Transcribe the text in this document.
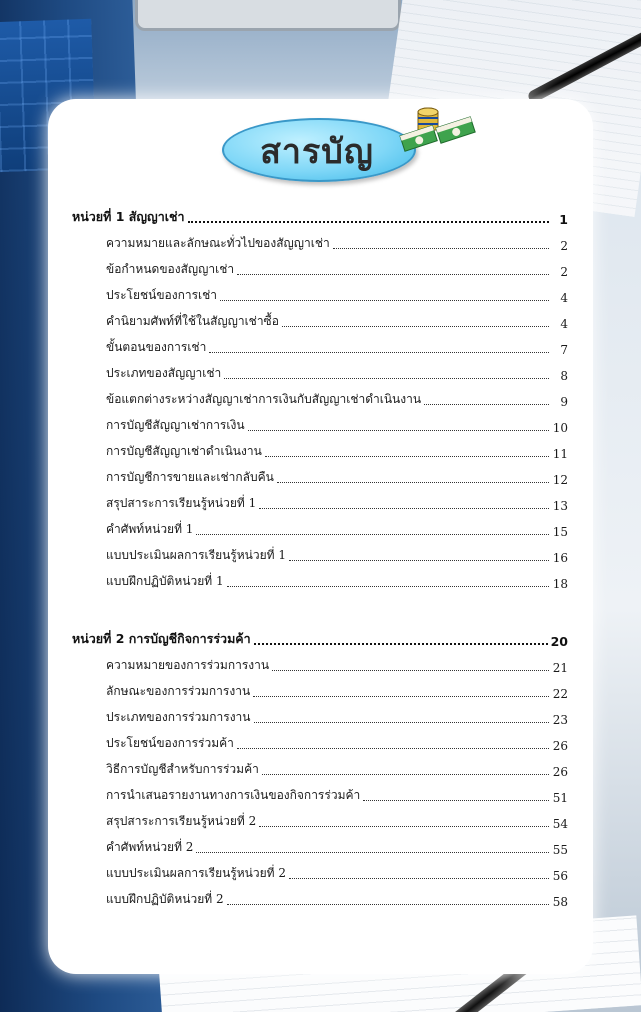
สารบัญ
หน่วยที่ 1 สัญญาเช่า	1
ความหมายและลักษณะทั่วไปของสัญญาเช่า	2
ข้อกำหนดของสัญญาเช่า	2
ประโยชน์ของการเช่า	4
คำนิยามศัพท์ที่ใช้ในสัญญาเช่าซื้อ	4
ขั้นตอนของการเช่า	7
ประเภทของสัญญาเช่า	8
ข้อแตกต่างระหว่างสัญญาเช่าการเงินกับสัญญาเช่าดำเนินงาน	9
การบัญชีสัญญาเช่าการเงิน	10
การบัญชีสัญญาเช่าดำเนินงาน	11
การบัญชีการขายและเช่ากลับคืน	12
สรุปสาระการเรียนรู้หน่วยที่ 1	13
คำศัพท์หน่วยที่ 1	15
แบบประเมินผลการเรียนรู้หน่วยที่ 1	16
แบบฝึกปฏิบัติหน่วยที่ 1	18
หน่วยที่ 2 การบัญชีกิจการร่วมค้า	20
ความหมายของการร่วมการงาน	21
ลักษณะของการร่วมการงาน	22
ประเภทของการร่วมการงาน	23
ประโยชน์ของการร่วมค้า	26
วิธีการบัญชีสำหรับการร่วมค้า	26
การนำเสนอรายงานทางการเงินของกิจการร่วมค้า	51
สรุปสาระการเรียนรู้หน่วยที่ 2	54
คำศัพท์หน่วยที่ 2	55
แบบประเมินผลการเรียนรู้หน่วยที่ 2	56
แบบฝึกปฏิบัติหน่วยที่ 2	58
